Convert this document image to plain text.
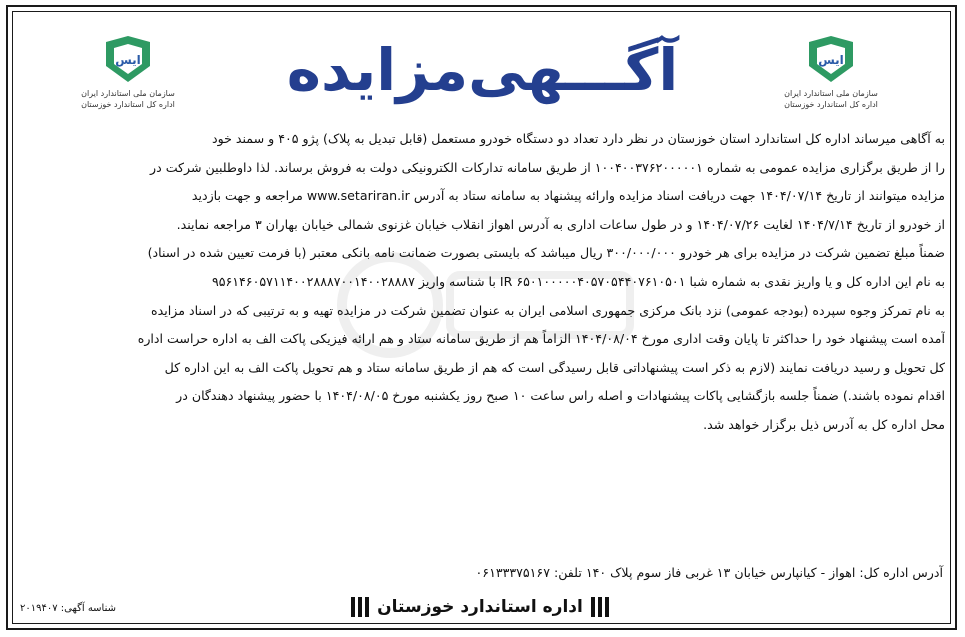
ایس
سازمان ملی استاندارد ایران
اداره کل استاندارد خوزستان
ایس
سازمان ملی استاندارد ایران
اداره کل استاندارد خوزستان
آگـــهی‌مزایده
به آگاهی میرساند اداره کل استاندارد استان خوزستان در نظر دارد تعداد دو دستگاه خودرو مستعمل (قابل تبدیل به پلاک) پژو ۴۰۵ و سمند خود
را از طریق برگزاری مزایده عمومی به شماره ۱۰۰۴۰۰۳۷۶۲۰۰۰۰۰۱ از طریق سامانه تدارکات الکترونیکی دولت به فروش برساند. لذا داوطلبین شرکت در
مزایده میتوانند از تاریخ ۱۴۰۴/۰۷/۱۴ جهت دریافت اسناد مزایده وارائه پیشنهاد به سامانه ستاد به آدرس www.setariran.ir مراجعه و جهت بازدید
از خودرو از تاریخ ۱۴۰۴/۷/۱۴ لغایت ۱۴۰۴/۰۷/۲۶ و در طول ساعات اداری به آدرس اهواز انقلاب خیابان غزنوی شمالی خیابان بهاران ۳ مراجعه نمایند.
ضمناً مبلغ تضمین شرکت در مزایده برای هر خودرو ۳۰۰/۰۰۰/۰۰۰ ریال میباشد که بایستی بصورت ضمانت نامه بانکی معتبر (با فرمت تعیین شده در اسناد)
به نام این اداره کل و یا واریز نقدی به شماره شبا IR ۶۵۰۱۰۰۰۰۰۴۰۵۷۰۵۴۴۰۷۶۱۰۵۰۱ با شناسه واریز ۹۵۶۱۴۶۰۵۷۱۱۴۰۰۲۸۸۸۷۰۰۱۴۰۰۲۸۸۸۷
به نام تمرکز وجوه سپرده (بودجه عمومی) نزد بانک مرکزی جمهوری اسلامی ایران به عنوان تضمین شرکت در مزایده تهیه و به ترتیبی که در اسناد مزایده
آمده است پیشنهاد خود را حداکثر تا پایان وقت اداری مورخ ۱۴۰۴/۰۸/۰۴ الزاماً هم از طریق سامانه ستاد و هم ارائه فیزیکی پاکت الف به اداره حراست اداره
کل تحویل و رسید دریافت نمایند (لازم به ذکر است پیشنهاداتی قابل رسیدگی است که هم از طریق سامانه ستاد و هم تحویل پاکت الف به این اداره کل
اقدام نموده باشند.) ضمناً جلسه بازگشایی پاکات پیشنهادات و اصله راس ساعت ۱۰ صبح روز یکشنبه مورخ ۱۴۰۴/۰۸/۰۵ با حضور پیشنهاد دهندگان در
محل اداره کل به آدرس ذیل برگزار خواهد شد.
آدرس اداره کل: اهواز - کیانپارس خیابان ۱۳ غربی فاز سوم پلاک ۱۴۰ تلفن: ۰۶۱۳۳۳۷۵۱۶۷
اداره استاندارد خوزستان
شناسه آگهی: ۲۰۱۹۴۰۷
